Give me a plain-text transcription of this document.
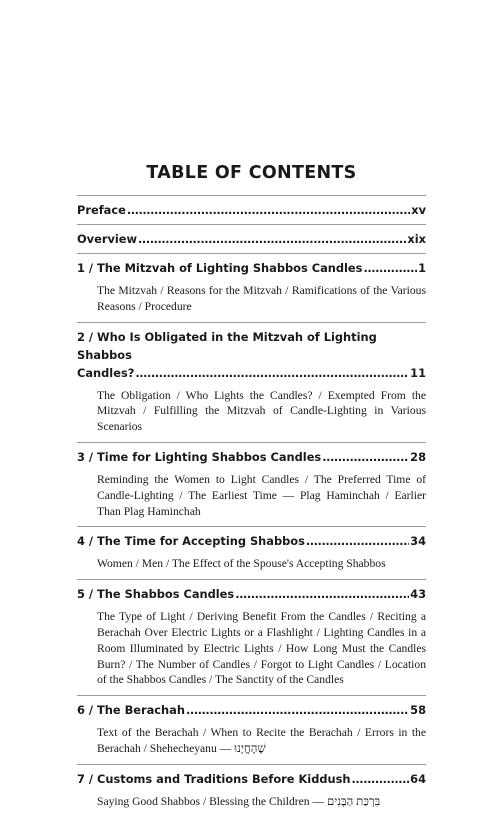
TABLE OF CONTENTS
Preface . . .	xv
Overview . . .	xix
1 / The Mitzvah of Lighting Shabbos Candles . . .	1
The Mitzvah / Reasons for the Mitzvah / Ramifications of the Various Reasons / Procedure
2 / Who Is Obligated in the Mitzvah of Lighting Shabbos
Candles? . . .	11
The Obligation / Who Lights the Candles? / Exempted From the Mitzvah / Fulfilling the Mitzvah of Candle-Lighting in Various Scenarios
3 / Time for Lighting Shabbos Candles . . .	28
Reminding the Women to Light Candles / The Preferred Time of Candle-Lighting / The Earliest Time — Plag Haminchah / Earlier Than Plag Haminchah
4 / The Time for Accepting Shabbos . . .	34
Women / Men / The Effect of the Spouse's Accepting Shabbos
5 / The Shabbos Candles . . .	43
The Type of Light / Deriving Benefit From the Candles / Reciting a Berachah Over Electric Lights or a Flashlight / Lighting Candles in a Room Illuminated by Electric Lights / How Long Must the Candles Burn? / The Number of Candles / Forgot to Light Candles / Location of the Shabbos Candles / The Sanctity of the Candles
6 / The Berachah . . .	58
Text of the Berachah / When to Recite the Berachah / Errors in the Berachah / Shehecheyanu — שֶׁהֶחֱיָנוּ
7 / Customs and Traditions Before Kiddush . . .	64
Saying Good Shabbos / Blessing the Children — בִּרְכַּת הַבָּנִים
